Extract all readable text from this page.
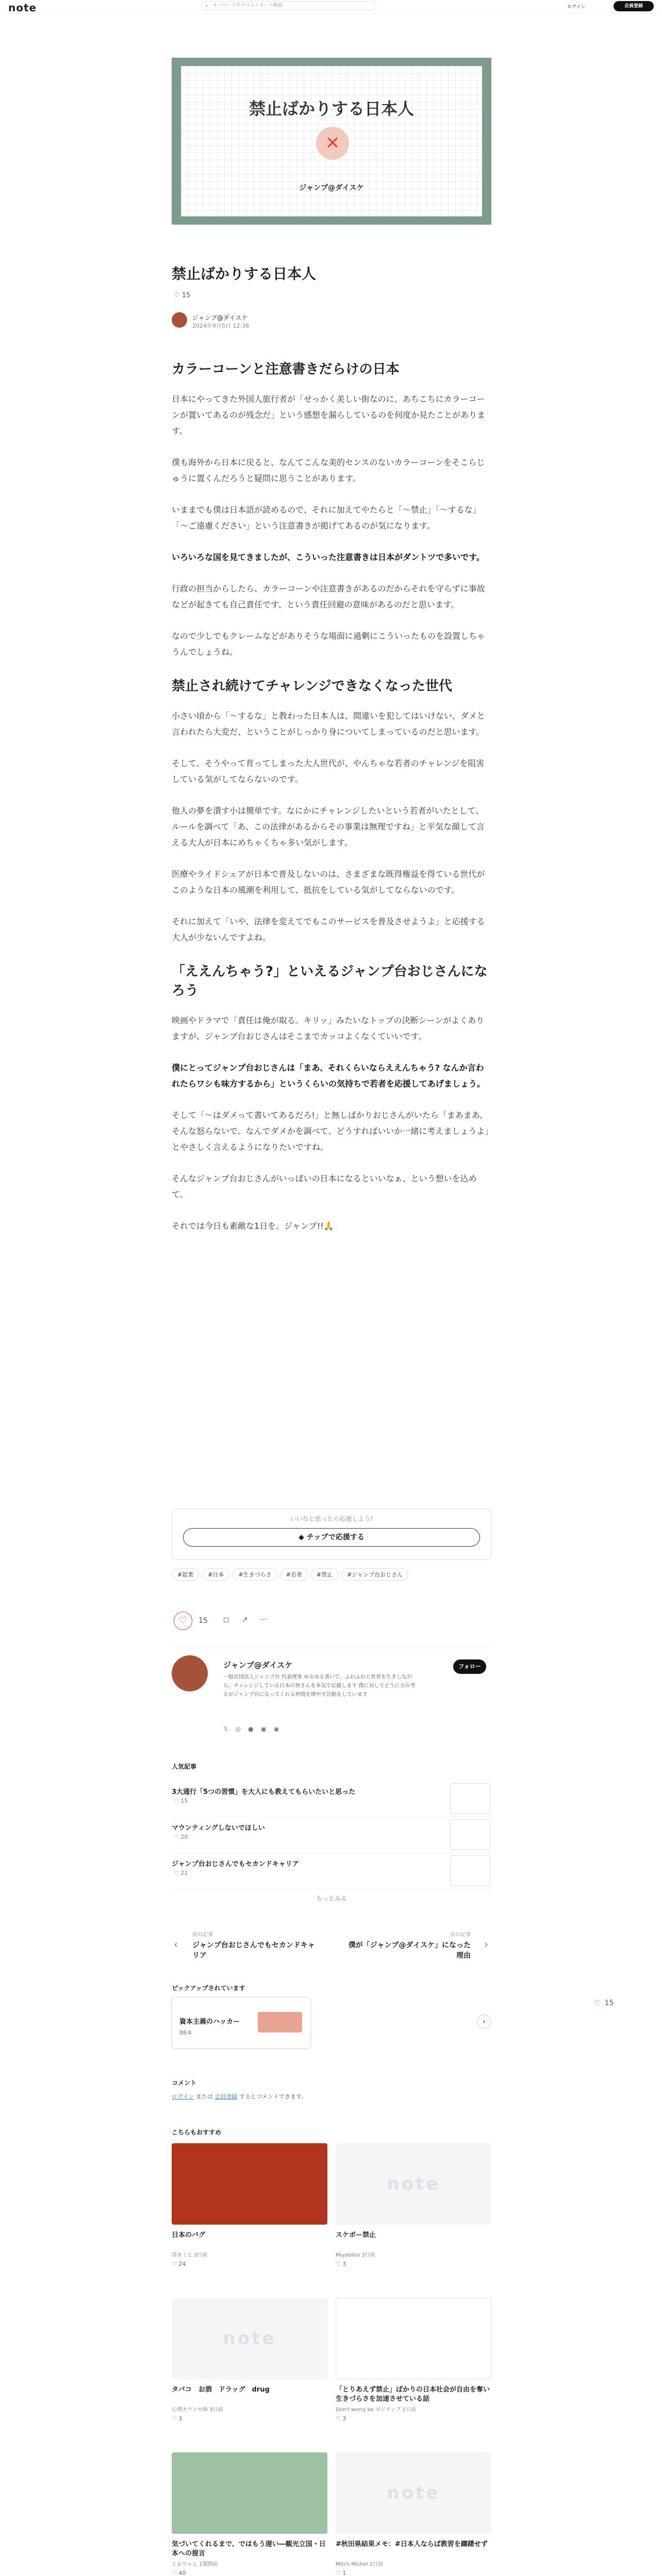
note	⌕ キーワードやクリエイターで検索	ログイン	会員登録
禁止ばかりする日本人
✕
ジャンプ@ダイスケ
禁止ばかりする日本人
♡ 15
ジャンプ@ダイスケ
2024年9月5日 12:36
カラーコーンと注意書きだらけの日本

日本にやってきた外国人旅行者が「せっかく美しい街なのに、あちこちにカラーコーンが置いてあるのが残念だ」という感想を漏らしているのを何度か見たことがあります。

僕も海外から日本に戻ると、なんてこんな美的センスのないカラーコーンをそこらじゅうに置くんだろうと疑問に思うことがあります。

いままでも僕は日本語が読めるので、それに加えてやたらと「〜禁止」「〜するな」「〜ご遠慮ください」という注意書きが掲げてあるのが気になります。

いろいろな国を見てきましたが、こういった注意書きは日本がダントツで多いです。

行政の担当からしたら、カラーコーンや注意書きがあるのだからそれを守らずに事故などが起きても自己責任です、という責任回避の意味があるのだと思います。

なので少しでもクレームなどがありそうな場面に過剰にこういったものを設置しちゃうんでしょうね。

禁止され続けてチャレンジできなくなった世代

小さい頃から「〜するな」と教わった日本人は、間違いを犯してはいけない、ダメと言われたら大変だ、ということがしっかり身についてしまっているのだと思います。

そして、そうやって育ってしまった大人世代が、やんちゃな若者のチャレンジを阻害している気がしてならないのです。

他人の夢を潰す小は簡単です。なにかにチャレンジしたいという若者がいたとして、ルールを調べて「あ、この法律があるからその事業は無理ですね」と平気な顔して言える大人が日本にめちゃくちゃ多い気がします。

医療やライドシェアが日本で普及しないのは、さまざまな既得権益を得ている世代がこのような日本の風潮を利用して、抵抗をしている気がしてならないのです。

それに加えて「いや、法律を変えてでもこのサービスを普及させようよ」と応援する大人が少ないんですよね。

「ええんちゃう?」といえるジャンプ台おじさんになろう

映画やドラマで「責任は俺が取る。キリッ」みたいなトップの決断シーンがよくありますが、ジャンプ台おじさんはそこまでカッコよくなくていいです。

僕にとってジャンプ台おじさんは「まあ、それくらいならええんちゃう? なんか言われたらワシも味方するから」というくらいの気持ちで若者を応援してあげましょう。

そして「〜はダメって書いてあるだろ!」と無しばかりおじさんがいたら「まあまあ、そんな怒らないで。なんでダメかを調べて、どうすればいいか一緒に考えましょうよ」とやさしく言えるようになりたいですね。

そんなジャンプ台おじさんがいっぱいの日本になるといいなぁ、という想いを込めて。

それでは今日も素敵な1日を。ジャンプ!!🙏

いいなと思ったら応援しよう!
◆ チップで応援する
#起業	#日本	#生きづらさ	#若者	#禁止	#ジャンプ台おじさん
♡	15 ◻ ↗ ···
ジャンプ@ダイスケ
一般社団法人ジャンプ台 代表理事 ゆるゆる書いて、ふわふわと世界を生きしながら、チャレンジしている日本の皆さんを本気で応援します 僕に対してどうに方の考えがジャンプ台になってくれる仲間を増やす活動をしています
フォロー
𝕏◎●▣◉
人気記事
3大通行「5つの習慣」を大人にも教えてもらいたいと思った
♡ 15
マウンティングしないでほしい
♡ 20
ジャンプ台おじさんでもセカンドキャリア
♡ 21
もっとみる
‹
前の記事
ジャンプ台おじさんでもセカンドキャリア
次の記事
僕が「ジャンプ@ダイスケ」になった理由
›
ピックアップされています
資本主義のハッカー
88本
›
コメント
ログイン または 会員登録 するとコメントできます。
こちらもおすすめ
日本のバグ
清水ミヒ 3日前
♡ 24
note
スケボー禁止
Miyabikio 3日前
♡ 3
note
タバコ　お酒　ドラッグ　drug
心理カウンセ師 3日前
♡ 3
「とりあえず禁止」ばかりの日本社会が自由を奪い生きづらさを加速させている話
Don't worry be ポジティブ 1日前
♡ 3
気づいてくれるまで、ではもう遅い―観光立国・日本への提言
とおりゃん 1週間前
♡ 40
note
#秋田県結果メモ：#日本人ならば教習を躊躇せず
Mitch Michel 2日前
♡ 1
♡ 15
